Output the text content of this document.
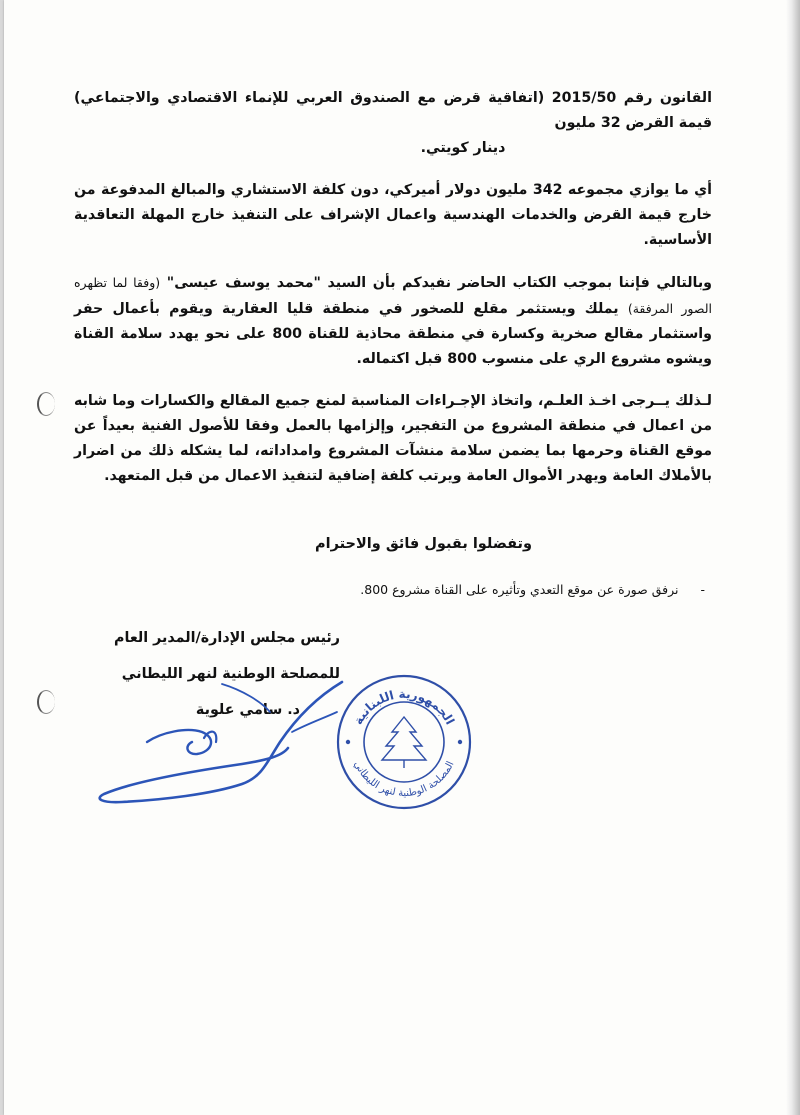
القانون رقم 2015/50 (اتفاقية قرض مع الصندوق العربي للإنماء الاقتصادي والاجتماعي) قيمة القرض 32 مليون
دينار كويتي.

أي ما يوازي مجموعه 342 مليون دولار أميركي، دون كلفة الاستشاري والمبالغ المدفوعة من خارج قيمة القرض والخدمات الهندسية واعمال الإشراف على التنفيذ خارج المهلة التعاقدية الأساسية.

وبالتالي فإننا بموجب الكتاب الحاضر نفيدكم بأن السيد "محمد يوسف عيسى" (وفقا لما تظهره الصور المرفقة) يملك ويستثمر مقلع للصخور في منطقة قليا العقارية ويقوم بأعمال حفر واستثمار مقالع صخرية وكسارة في منطقة محاذية للقناة 800 على نحو يهدد سلامة القناة ويشوه مشروع الري على منسوب 800 قبل اكتماله.

لـذلك يــرجى اخـذ العلـم، واتخاذ الإجـراءات المناسبة لمنع جميع المقالع والكسارات وما شابه من اعمال في منطقة المشروع من التفجير، وإلزامها بالعمل وفقا للأصول الفنية بعيداً عن موقع القناة وحرمها بما يضمن سلامة منشآت المشروع وامداداته، لما يشكله ذلك من اضرار بالأملاك العامة ويهدر الأموال العامة ويرتب كلفة إضافية لتنفيذ الاعمال من قبل المتعهد.

وتفضلوا بقبول فائق والاحترام
- نرفق صورة عن موقع التعدي وتأثيره على القناة مشروع 800.
رئيس مجلس الإدارة/المدير العام
للمصلحة الوطنية لنهر الليطاني
د. سامي علوية
الجمهورية اللبنانية
المصلحة الوطنية لنهر الليطاني
